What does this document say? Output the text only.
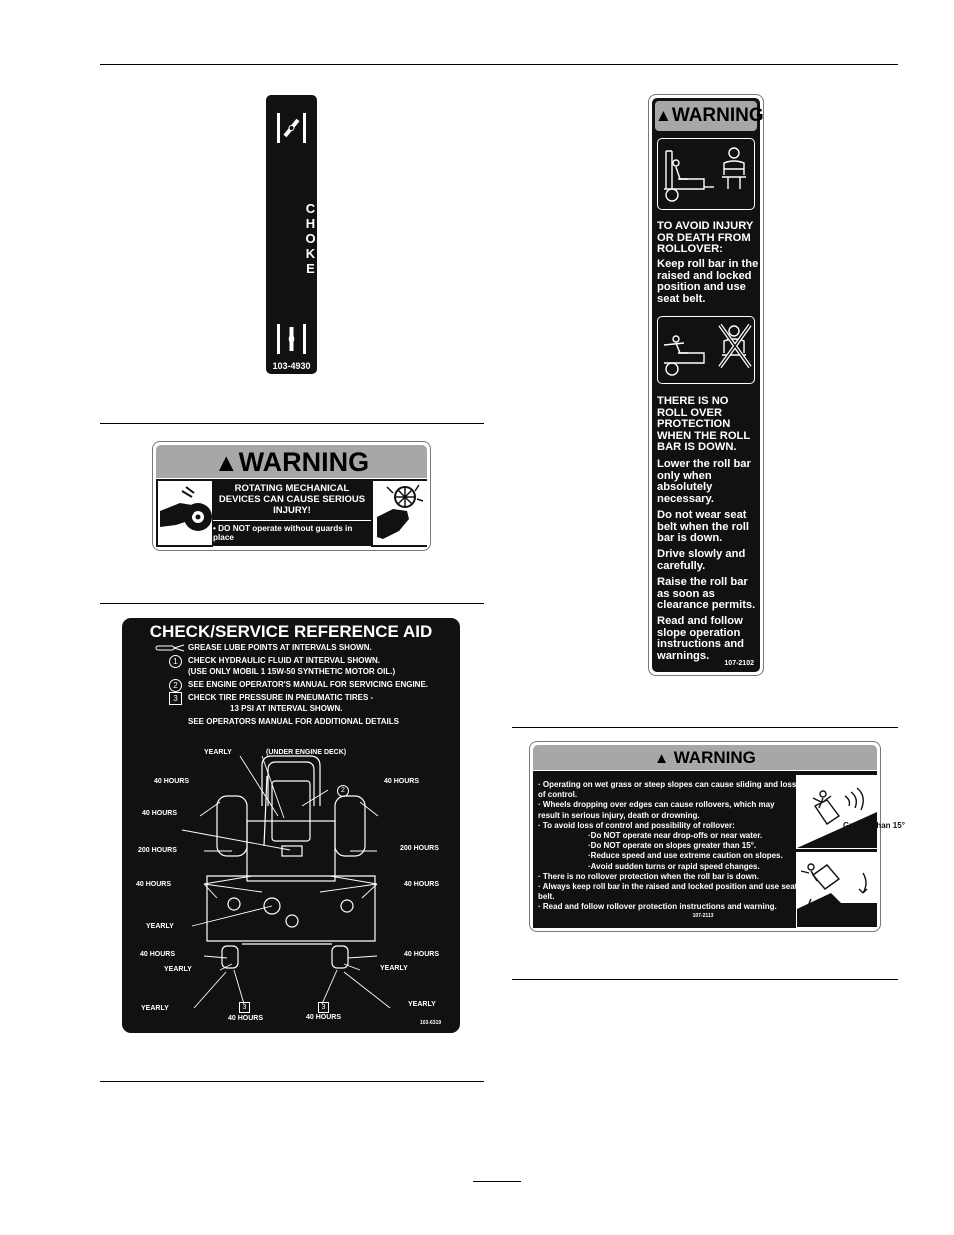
CHOKE
103-4930
▲WARNING
ROTATING MECHANICAL DEVICES CAN CAUSE SERIOUS INJURY!
• DO NOT operate without guards in place
• Stop engine before opening cover
103-5881
CHECK/SERVICE REFERENCE AID
GREASE LUBE POINTS AT INTERVALS SHOWN.
1	CHECK HYDRAULIC FLUID AT INTERVAL SHOWN.
(USE ONLY MOBIL 1 15W-50 SYNTHETIC MOTOR OIL.)
2	SEE ENGINE OPERATOR'S MANUAL FOR SERVICING ENGINE.
3	CHECK TIRE PRESSURE IN PNEUMATIC TIRES -
13 PSI AT INTERVAL SHOWN.
SEE OPERATORS MANUAL FOR ADDITIONAL DETAILS
YEARLY	(UNDER ENGINE DECK)
40 HOURS	40 HOURS
40 HOURS
2
200 HOURS	200 HOURS
40 HOURS	40 HOURS
YEARLY
40 HOURS	40 HOURS
YEARLY	YEARLY
YEARLY
YEARLY
3	3
40 HOURS	40 HOURS
103-6319
▲WARNING
TO AVOID INJURY OR DEATH FROM ROLLOVER:
Keep roll bar in the raised and locked position and use seat belt.
THERE IS NO ROLL OVER PROTECTION WHEN THE ROLL BAR IS DOWN.
Lower the roll bar only when absolutely necessary.
Do not wear seat belt when the roll bar is down.
Drive slowly and carefully.
Raise the roll bar as soon as clearance permits.
Read and follow slope operation instructions and warnings.
107-2102
▲ WARNING
· Operating on wet grass or steep slopes can cause sliding and loss of control.
· Wheels dropping over edges can cause rollovers, which may result in serious injury, death or drowning.
· To avoid loss of control and possibility of rollover:
·Do NOT operate near drop-offs or near water.
·Do NOT operate on slopes greater than 15°.
·Reduce speed and use extreme caution on slopes.
·Avoid sudden turns or rapid speed changes.
· There is no rollover protection when the roll bar is down.
· Always keep roll bar in the raised and locked position and use seat belt.
· Read and follow rollover protection instructions and warning.
107-2113
Greater than 15°
